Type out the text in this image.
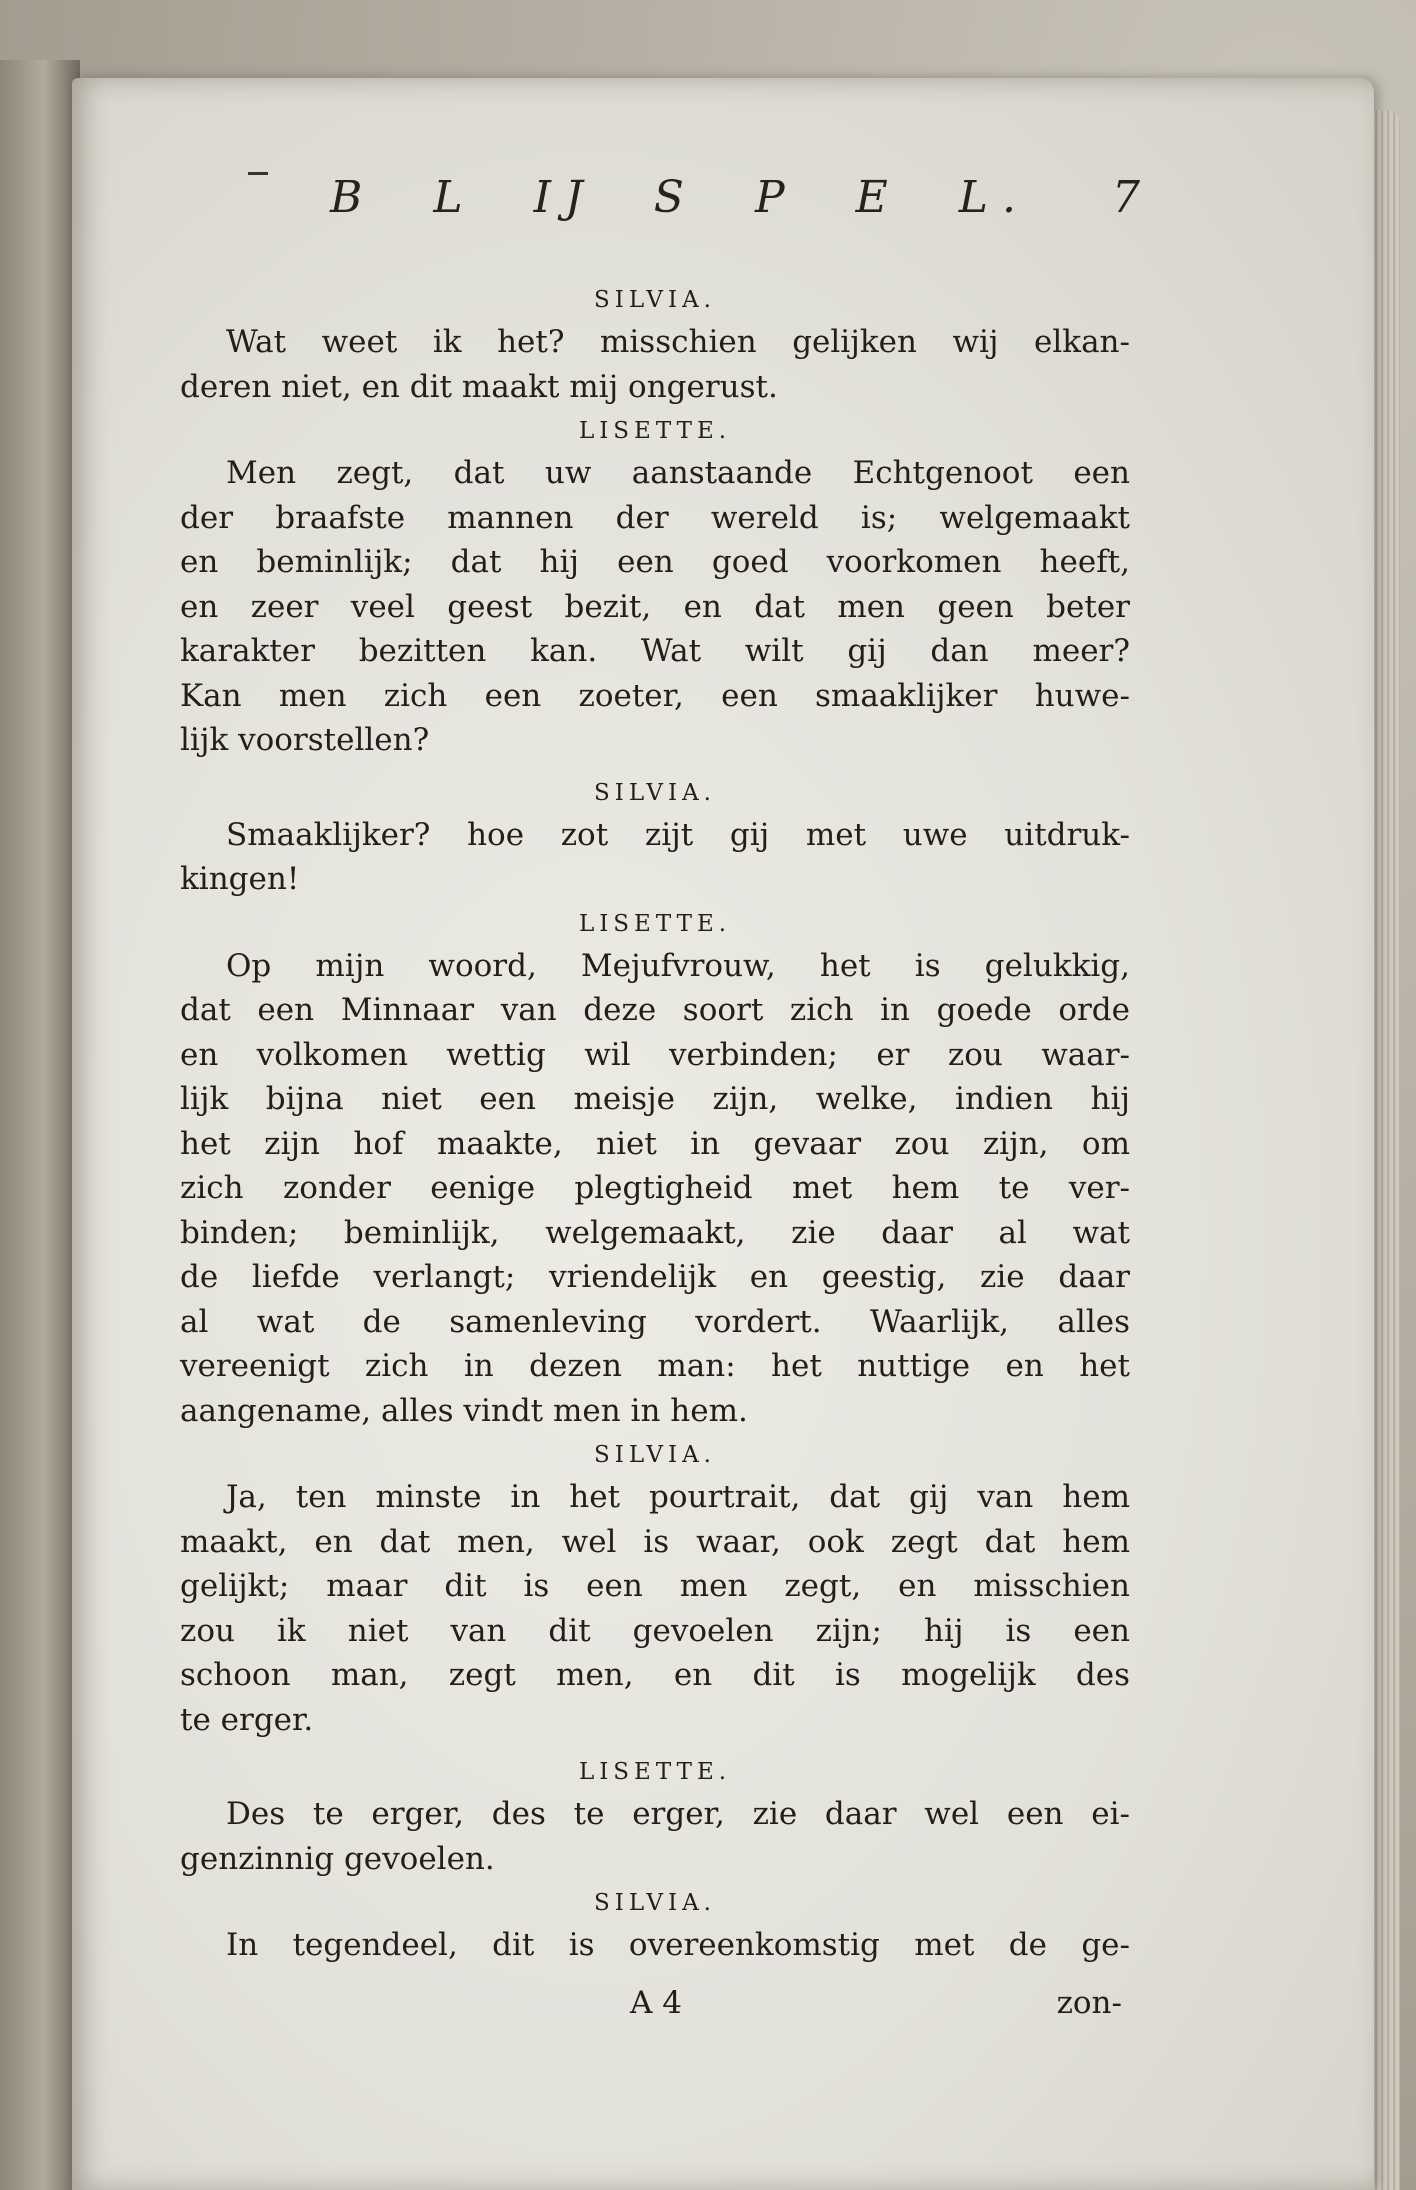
B L IJ S P E L. 7
SILVIA.
Wat weet ik het? misschien gelijken wij elkan-
deren niet, en dit maakt mij ongerust.
LISETTE.
Men zegt, dat uw aanstaande Echtgenoot een
der braafste mannen der wereld is; welgemaakt
en beminlijk; dat hij een goed voorkomen heeft,
en zeer veel geest bezit, en dat men geen beter
karakter bezitten kan. Wat wilt gij dan meer?
Kan men zich een zoeter, een smaaklijker huwe-
lijk voorstellen?
SILVIA.
Smaaklijker? hoe zot zijt gij met uwe uitdruk-
kingen!
LISETTE.
Op mijn woord, Mejufvrouw, het is gelukkig,
dat een Minnaar van deze soort zich in goede orde
en volkomen wettig wil verbinden; er zou waar-
lijk bijna niet een meisje zijn, welke, indien hij
het zijn hof maakte, niet in gevaar zou zijn, om
zich zonder eenige plegtigheid met hem te ver-
binden; beminlijk, welgemaakt, zie daar al wat
de liefde verlangt; vriendelijk en geestig, zie daar
al wat de samenleving vordert. Waarlijk, alles
vereenigt zich in dezen man: het nuttige en het
aangename, alles vindt men in hem.
SILVIA.
Ja, ten minste in het pourtrait, dat gij van hem
maakt, en dat men, wel is waar, ook zegt dat hem
gelijkt; maar dit is een men zegt, en misschien
zou ik niet van dit gevoelen zijn; hij is een
schoon man, zegt men, en dit is mogelijk des
te erger.
LISETTE.
Des te erger, des te erger, zie daar wel een ei-
genzinnig gevoelen.
SILVIA.
In tegendeel, dit is overeenkomstig met de ge-
A 4	zon-
